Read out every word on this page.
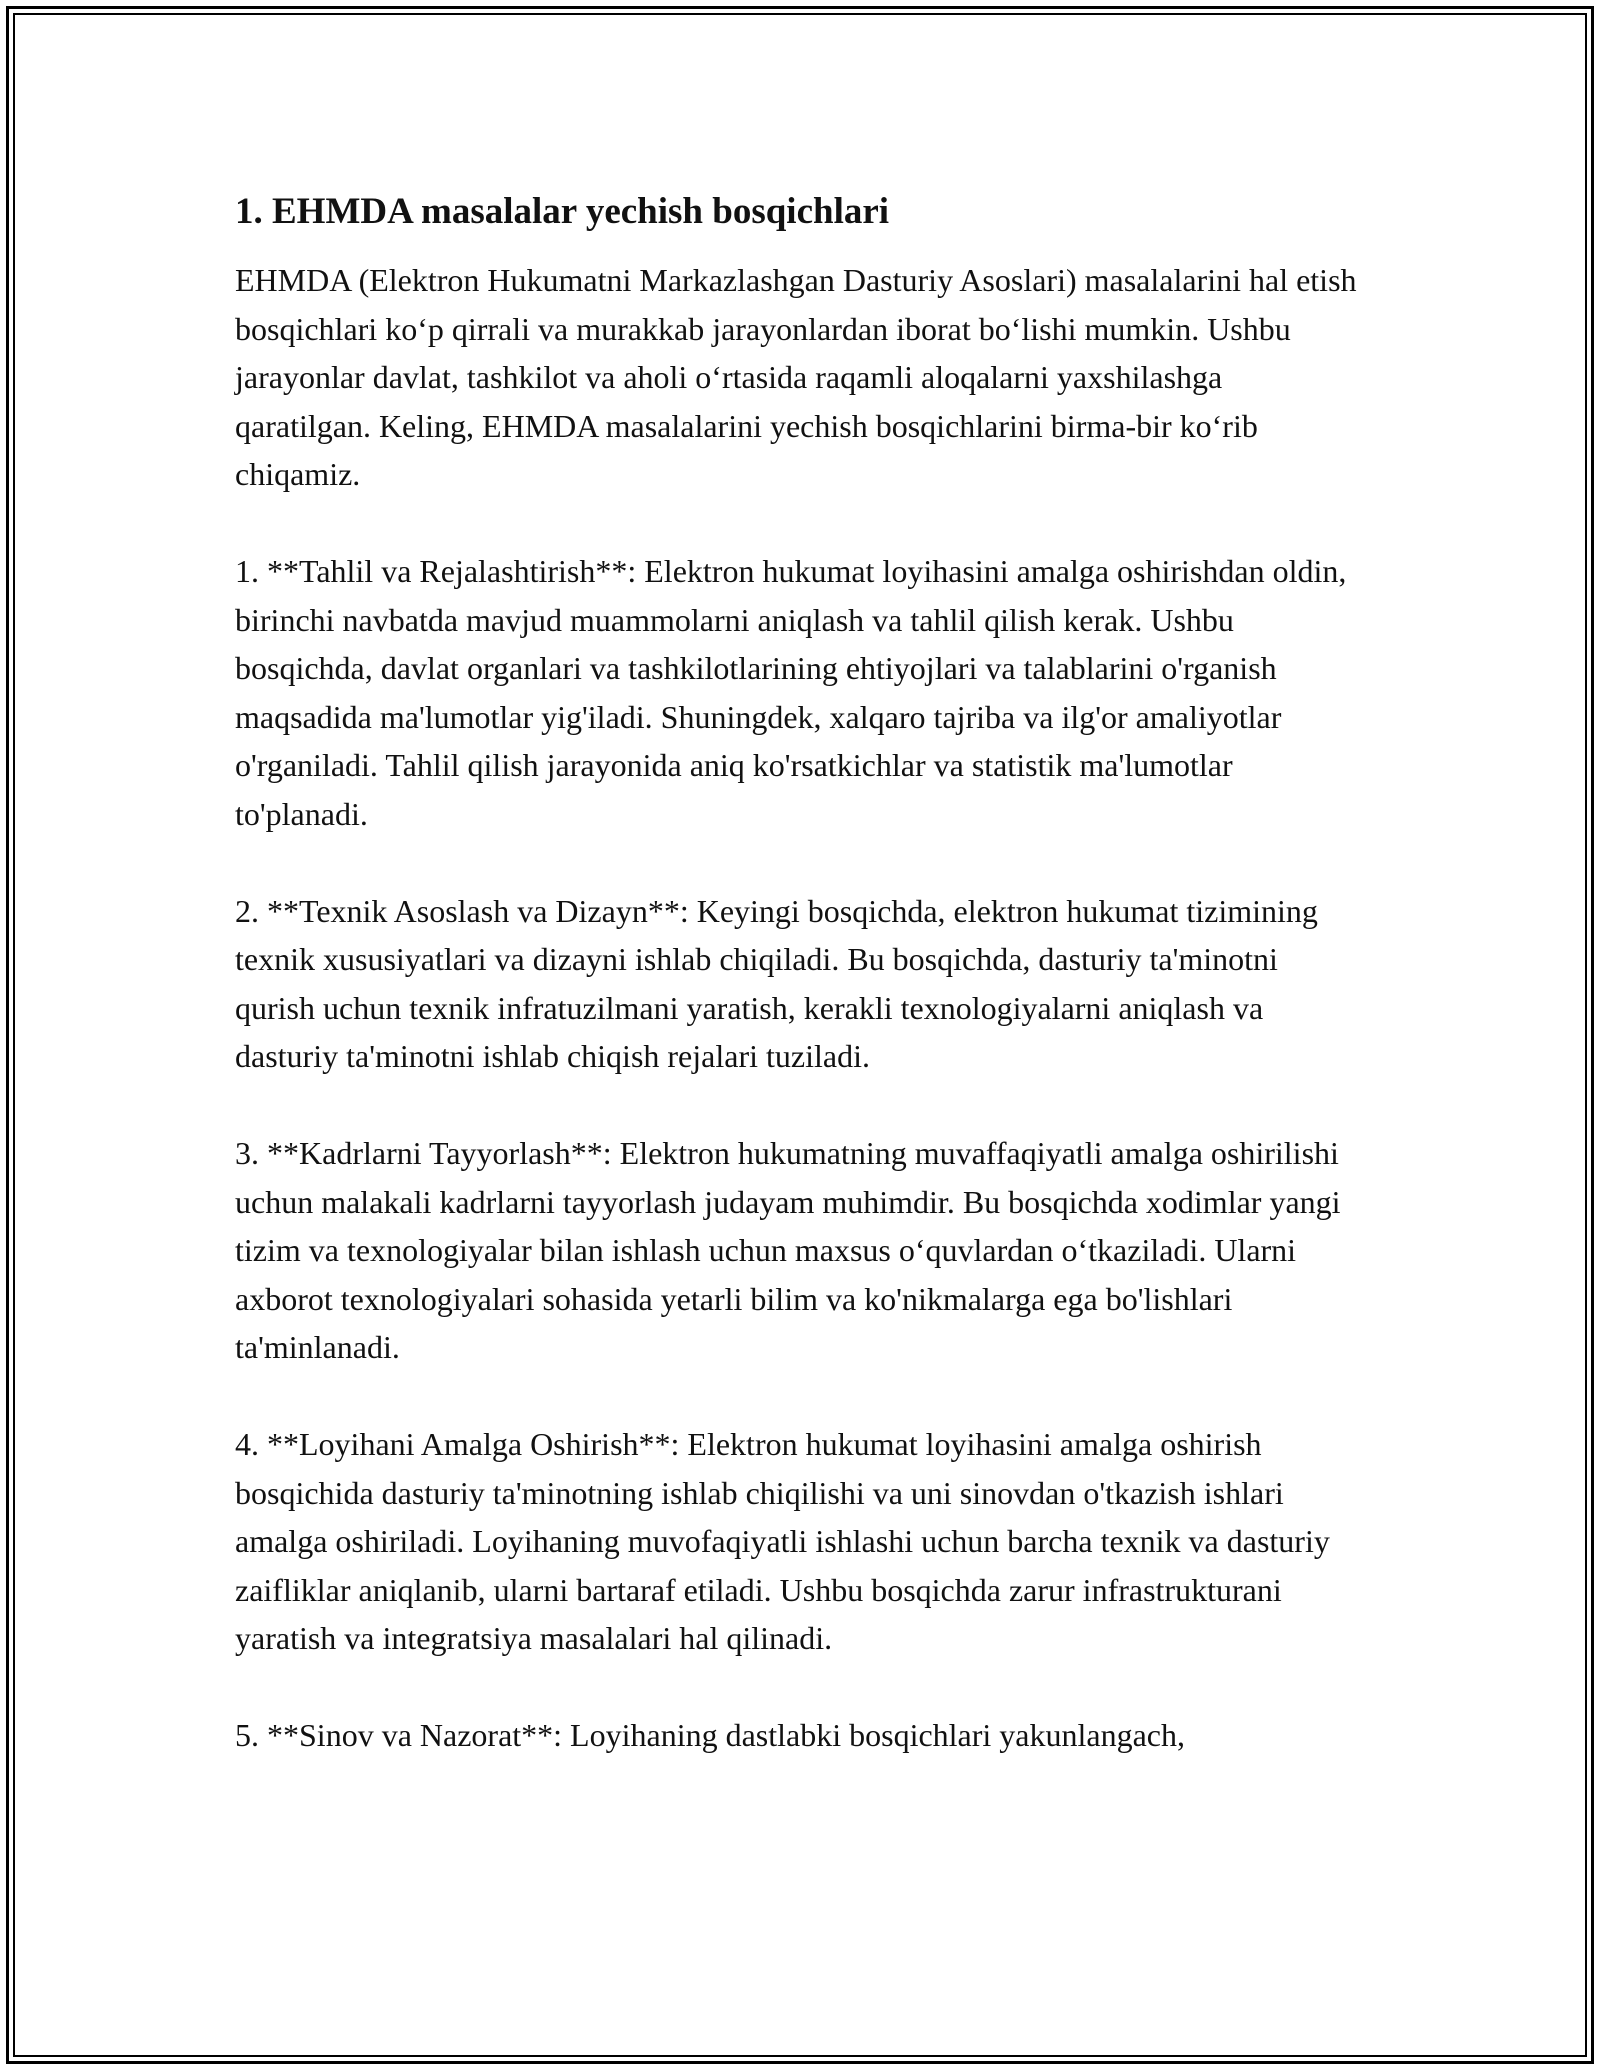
1. EHMDA masalalar yechish bosqichlari

EHMDA (Elektron Hukumatni Markazlashgan Dasturiy Asoslari) masalalarini hal etish bosqichlari ko‘p qirrali va murakkab jarayonlardan iborat bo‘lishi mumkin. Ushbu jarayonlar davlat, tashkilot va aholi o‘rtasida raqamli aloqalarni yaxshilashga qaratilgan. Keling, EHMDA masalalarini yechish bosqichlarini birma-bir ko‘rib chiqamiz.

1. **Tahlil va Rejalashtirish**: Elektron hukumat loyihasini amalga oshirishdan oldin, birinchi navbatda mavjud muammolarni aniqlash va tahlil qilish kerak. Ushbu bosqichda, davlat organlari va tashkilotlarining ehtiyojlari va talablarini o'rganish maqsadida ma'lumotlar yig'iladi. Shuningdek, xalqaro tajriba va ilg'or amaliyotlar o'rganiladi. Tahlil qilish jarayonida aniq ko'rsatkichlar va statistik ma'lumotlar to'planadi.

2. **Texnik Asoslash va Dizayn**: Keyingi bosqichda, elektron hukumat tizimining texnik xususiyatlari va dizayni ishlab chiqiladi. Bu bosqichda, dasturiy ta'minotni qurish uchun texnik infratuzilmani yaratish, kerakli texnologiyalarni aniqlash va dasturiy ta'minotni ishlab chiqish rejalari tuziladi.

3. **Kadrlarni Tayyorlash**: Elektron hukumatning muvaffaqiyatli amalga oshirilishi uchun malakali kadrlarni tayyorlash judayam muhimdir. Bu bosqichda xodimlar yangi tizim va texnologiyalar bilan ishlash uchun maxsus o‘quvlardan o‘tkaziladi. Ularni axborot texnologiyalari sohasida yetarli bilim va ko'nikmalarga ega bo'lishlari ta'minlanadi.

4. **Loyihani Amalga Oshirish**: Elektron hukumat loyihasini amalga oshirish bosqichida dasturiy ta'minotning ishlab chiqilishi va uni sinovdan o'tkazish ishlari amalga oshiriladi. Loyihaning muvofaqiyatli ishlashi uchun barcha texnik va dasturiy zaifliklar aniqlanib, ularni bartaraf etiladi. Ushbu bosqichda zarur infrastrukturani yaratish va integratsiya masalalari hal qilinadi.

5. **Sinov va Nazorat**: Loyihaning dastlabki bosqichlari yakunlangach,
